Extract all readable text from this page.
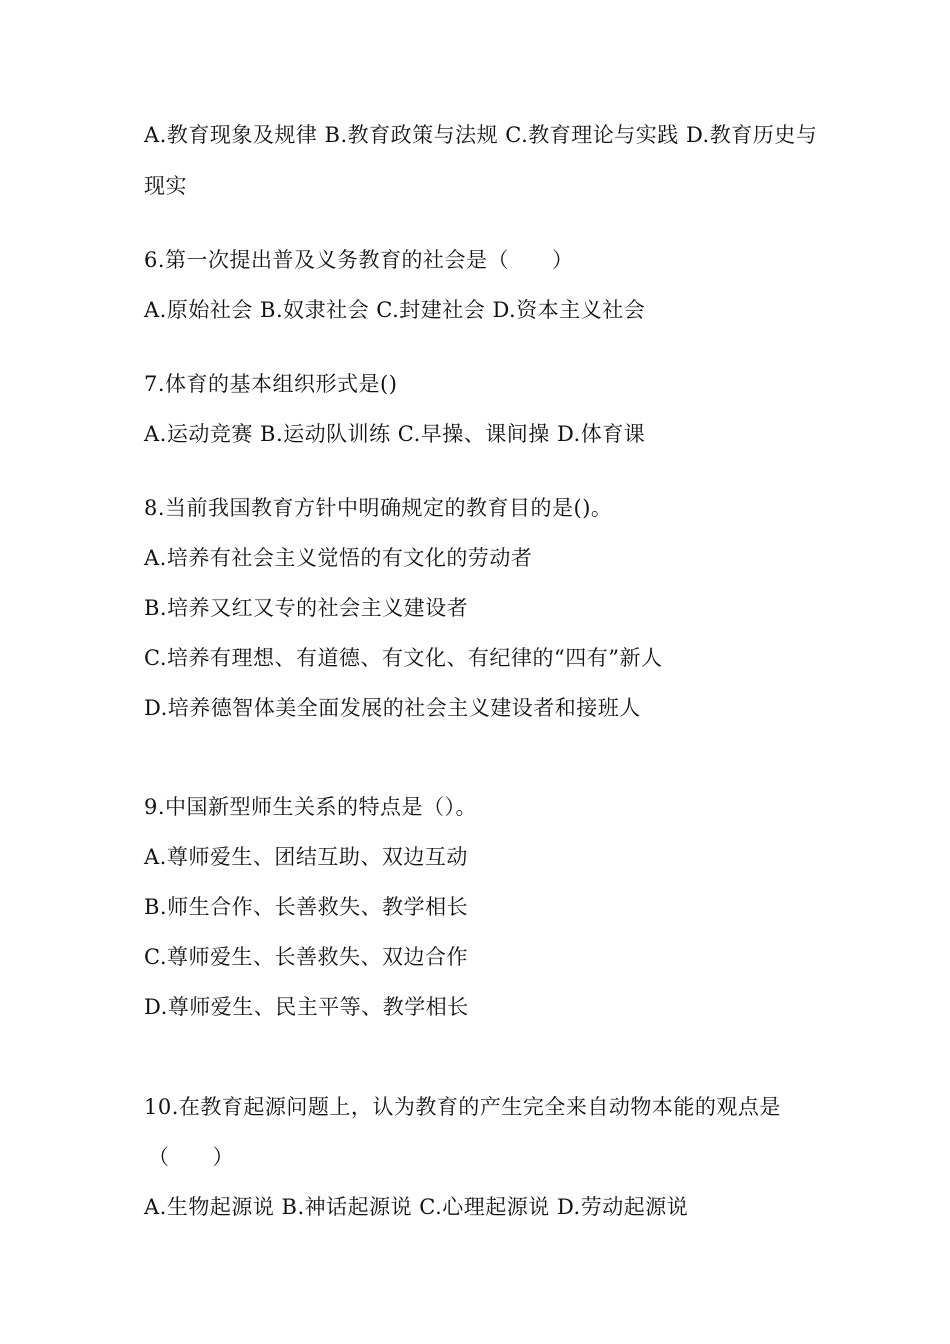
A.教育现象及规律 B.教育政策与法规 C.教育理论与实践 D.教育历史与
现实
6.第一次提出普及义务教育的社会是（　　）
A.原始社会 B.奴隶社会 C.封建社会 D.资本主义社会
7.体育的基本组织形式是()
A.运动竞赛 B.运动队训练 C.早操、课间操 D.体育课
8.当前我国教育方针中明确规定的教育目的是()。
A.培养有社会主义觉悟的有文化的劳动者
B.培养又红又专的社会主义建设者
C.培养有理想、有道德、有文化、有纪律的“四有”新人
D.培养德智体美全面发展的社会主义建设者和接班人
9.中国新型师生关系的特点是（）。
A.尊师爱生、团结互助、双边互动
B.师生合作、长善救失、教学相长
C.尊师爱生、长善救失、双边合作
D.尊师爱生、民主平等、教学相长
10.在教育起源问题上，认为教育的产生完全来自动物本能的观点是
（　　）
A.生物起源说 B.神话起源说 C.心理起源说 D.劳动起源说
